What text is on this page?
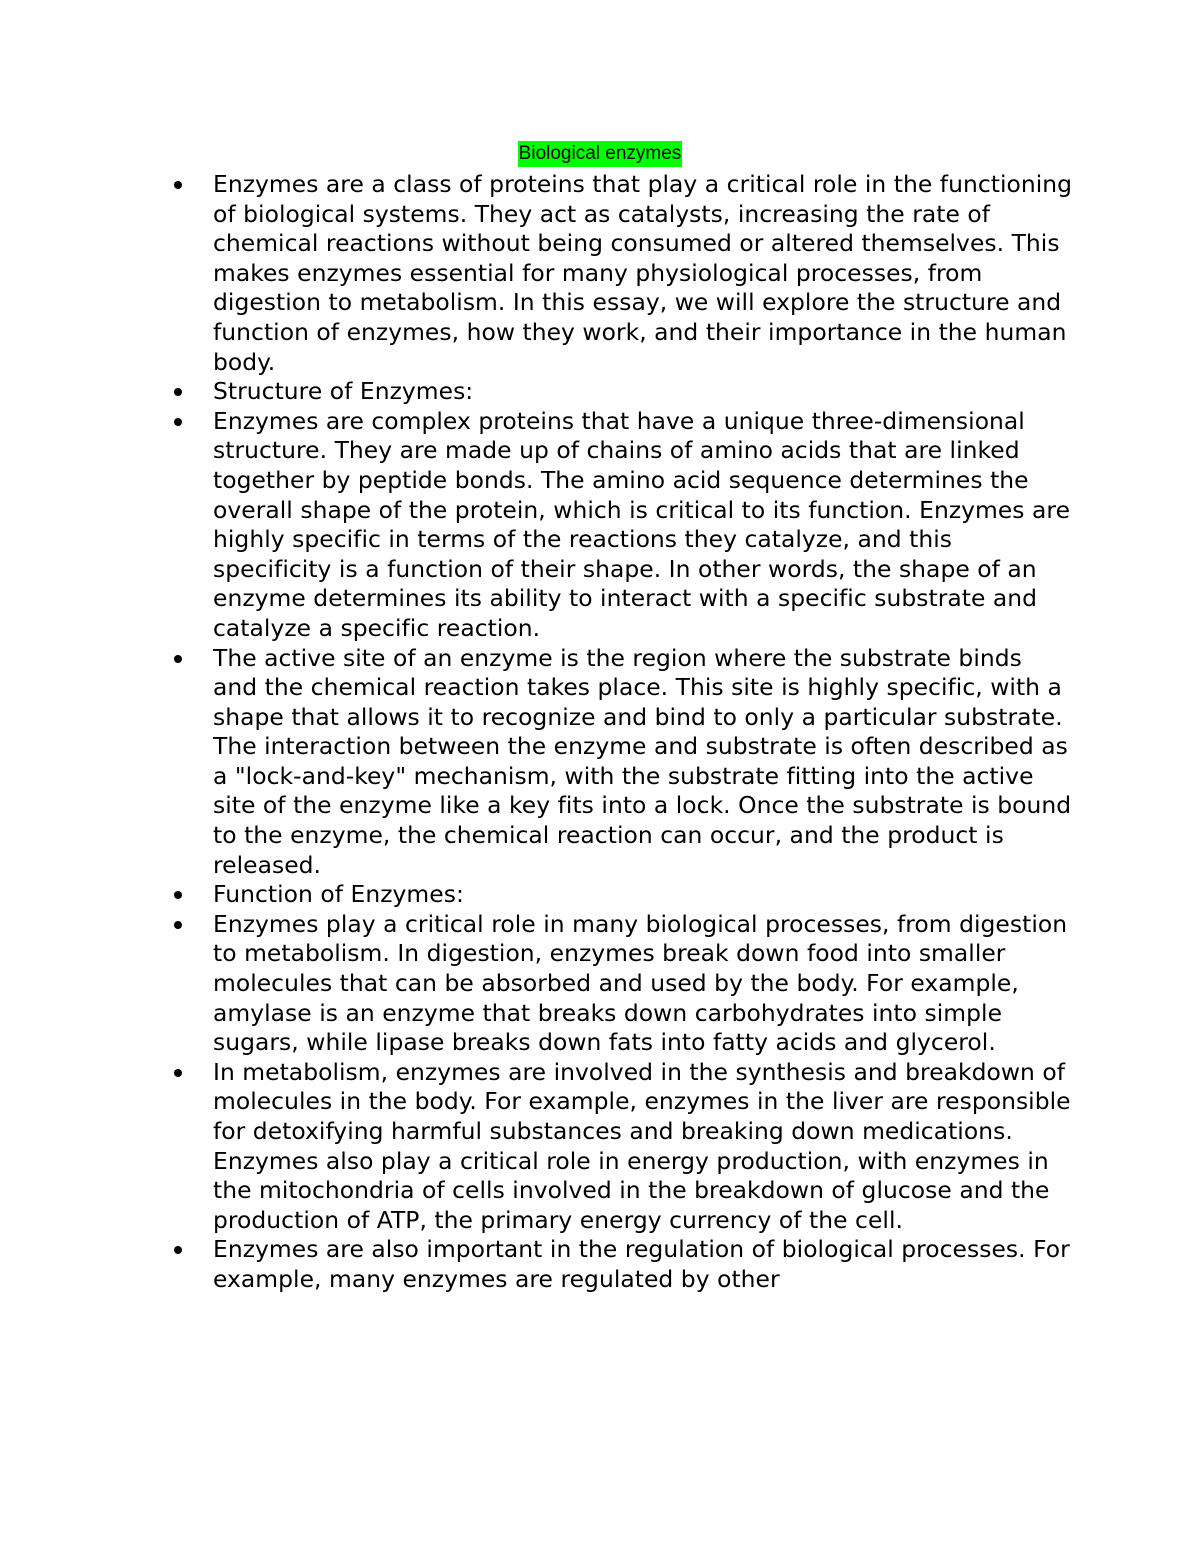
Biological enzymes
Enzymes are a class of proteins that play a critical role in the functioning of biological systems. They act as catalysts, increasing the rate of chemical reactions without being consumed or altered themselves. This makes enzymes essential for many physiological processes, from digestion to metabolism. In this essay, we will explore the structure and function of enzymes, how they work, and their importance in the human body.
Structure of Enzymes:
Enzymes are complex proteins that have a unique three-dimensional structure. They are made up of chains of amino acids that are linked together by peptide bonds. The amino acid sequence determines the overall shape of the protein, which is critical to its function. Enzymes are highly specific in terms of the reactions they catalyze, and this specificity is a function of their shape. In other words, the shape of an enzyme determines its ability to interact with a specific substrate and catalyze a specific reaction.
The active site of an enzyme is the region where the substrate binds and the chemical reaction takes place. This site is highly specific, with a shape that allows it to recognize and bind to only a particular substrate. The interaction between the enzyme and substrate is often described as a "lock-and-key" mechanism, with the substrate fitting into the active site of the enzyme like a key fits into a lock. Once the substrate is bound to the enzyme, the chemical reaction can occur, and the product is released.
Function of Enzymes:
Enzymes play a critical role in many biological processes, from digestion to metabolism. In digestion, enzymes break down food into smaller molecules that can be absorbed and used by the body. For example, amylase is an enzyme that breaks down carbohydrates into simple sugars, while lipase breaks down fats into fatty acids and glycerol.
In metabolism, enzymes are involved in the synthesis and breakdown of molecules in the body. For example, enzymes in the liver are responsible for detoxifying harmful substances and breaking down medications. Enzymes also play a critical role in energy production, with enzymes in the mitochondria of cells involved in the breakdown of glucose and the production of ATP, the primary energy currency of the cell.
Enzymes are also important in the regulation of biological processes. For example, many enzymes are regulated by other
